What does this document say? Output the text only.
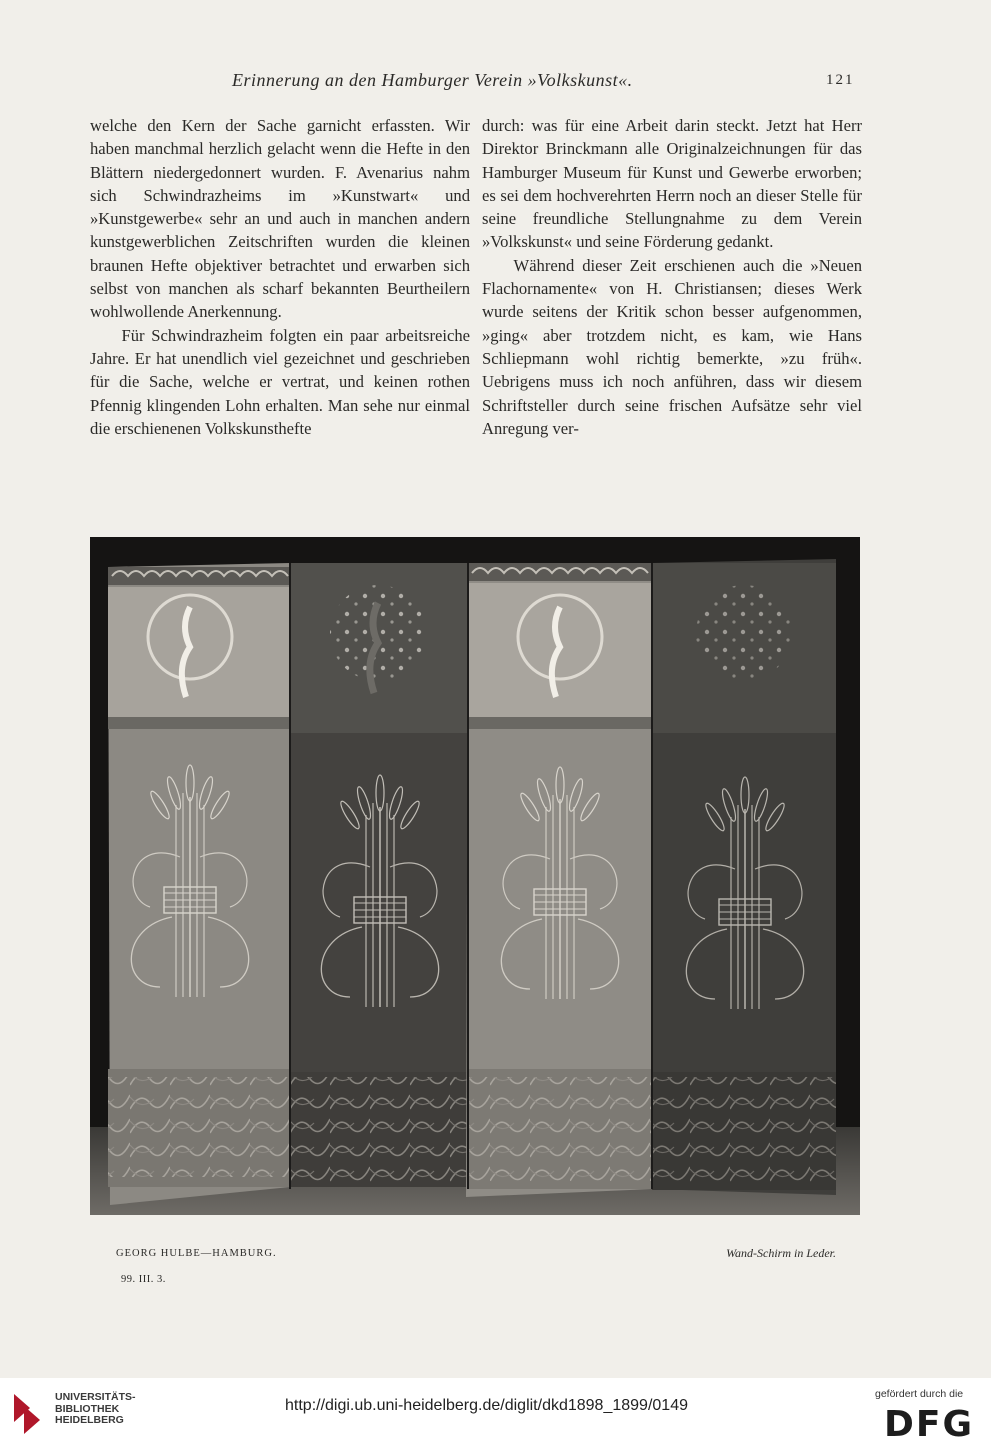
Erinnerung an den Hamburger Verein »Volkskunst«.	121

welche den Kern der Sache garnicht erfassten. Wir haben manchmal herzlich gelacht wenn die Hefte in den Blättern niedergedonnert wurden. F. Avenarius nahm sich Schwindrazheims im »Kunstwart« und »Kunstgewerbe« sehr an und auch in manchen andern kunstgewerblichen Zeitschriften wurden die kleinen braunen Hefte objektiver betrachtet und erwarben sich selbst von manchen als scharf bekannten Beurtheilern wohlwollende Anerkennung.

Für Schwindrazheim folgten ein paar arbeitsreiche Jahre. Er hat unendlich viel gezeichnet und geschrieben für die Sache, welche er vertrat, und keinen rothen Pfennig klingenden Lohn erhalten. Man sehe nur einmal die erschienenen Volkskunsthefte

durch: was für eine Arbeit darin steckt. Jetzt hat Herr Direktor Brinckmann alle Originalzeichnungen für das Hamburger Museum für Kunst und Gewerbe erworben; es sei dem hochverehrten Herrn noch an dieser Stelle für seine freundliche Stellungnahme zu dem Verein »Volkskunst« und seine Förderung gedankt.

Während dieser Zeit erschienen auch die »Neuen Flachornamente« von H. Christiansen; dieses Werk wurde seitens der Kritik schon besser aufgenommen, »ging« aber trotzdem nicht, es kam, wie Hans Schliepmann wohl richtig bemerkte, »zu früh«. Uebrigens muss ich noch anführen, dass wir diesem Schriftsteller durch seine frischen Aufsätze sehr viel Anregung ver-

GEORG HULBE—HAMBURG.	Wand-Schirm in Leder.
99. III. 3.
UNIVERSITÄTS-
BIBLIOTHEK
HEIDELBERG
http://digi.ub.uni-heidelberg.de/diglit/dkd1898_1899/0149
gefördert durch die
DFG
